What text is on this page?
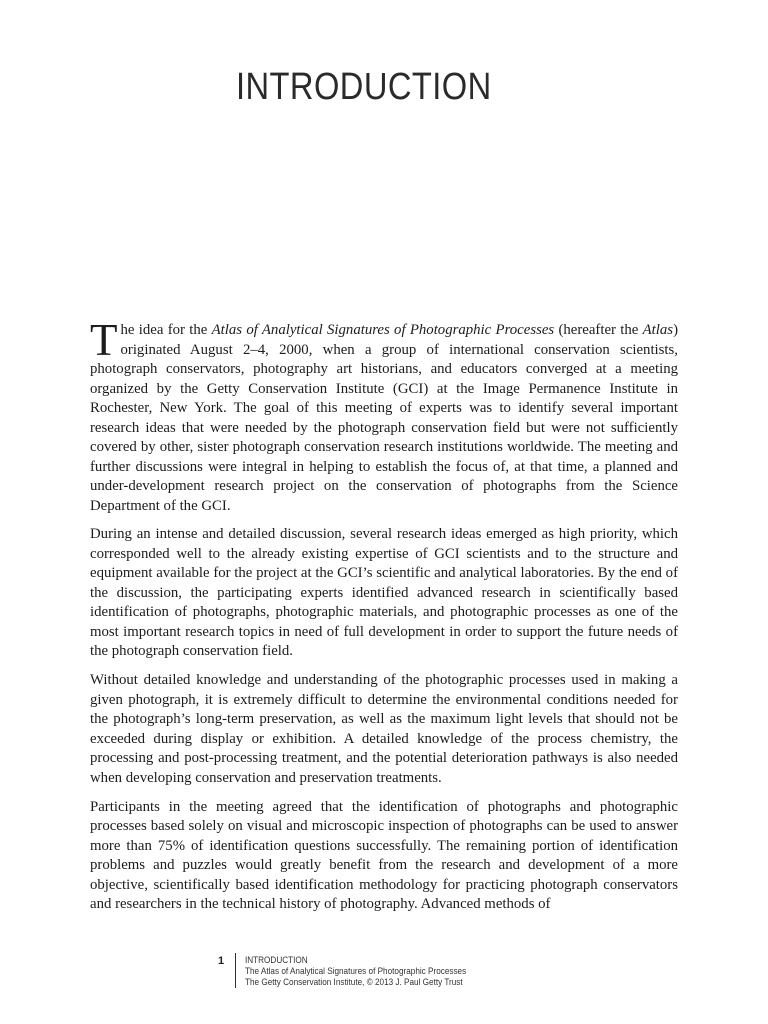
INTRODUCTION

The idea for the Atlas of Analytical Signatures of Photographic Processes (hereafter the Atlas) originated August 2–4, 2000, when a group of international conservation scientists, photograph conservators, photography art historians, and educators converged at a meeting organized by the Getty Conservation Institute (GCI) at the Image Permanence Institute in Rochester, New York. The goal of this meeting of experts was to identify several important research ideas that were needed by the photograph conservation field but were not sufficiently covered by other, sister photograph conservation research institutions worldwide. The meeting and further discussions were integral in helping to establish the focus of, at that time, a planned and under-development research project on the conservation of photographs from the Science Department of the GCI.

During an intense and detailed discussion, several research ideas emerged as high priority, which corresponded well to the already existing expertise of GCI scientists and to the structure and equipment available for the project at the GCI’s scientific and analytical laboratories. By the end of the discussion, the participating experts identified advanced research in scientifically based identification of photographs, photographic materials, and photographic processes as one of the most important research topics in need of full development in order to support the future needs of the photograph conservation field.

Without detailed knowledge and understanding of the photographic processes used in making a given photograph, it is extremely difficult to determine the environmental conditions needed for the photograph’s long-term preservation, as well as the maximum light levels that should not be exceeded during display or exhibition. A detailed knowledge of the process chemistry, the processing and post-processing treatment, and the potential deterioration pathways is also needed when developing conservation and preservation treatments.

Participants in the meeting agreed that the identification of photographs and photographic processes based solely on visual and microscopic inspection of photographs can be used to answer more than 75% of identification questions successfully. The remaining portion of identification problems and puzzles would greatly benefit from the research and development of a more objective, scientifically based identification methodology for practicing photograph conservators and researchers in the technical history of photography. Advanced methods of

1 INTRODUCTION
The Atlas of Analytical Signatures of Photographic Processes
The Getty Conservation Institute, © 2013 J. Paul Getty Trust
